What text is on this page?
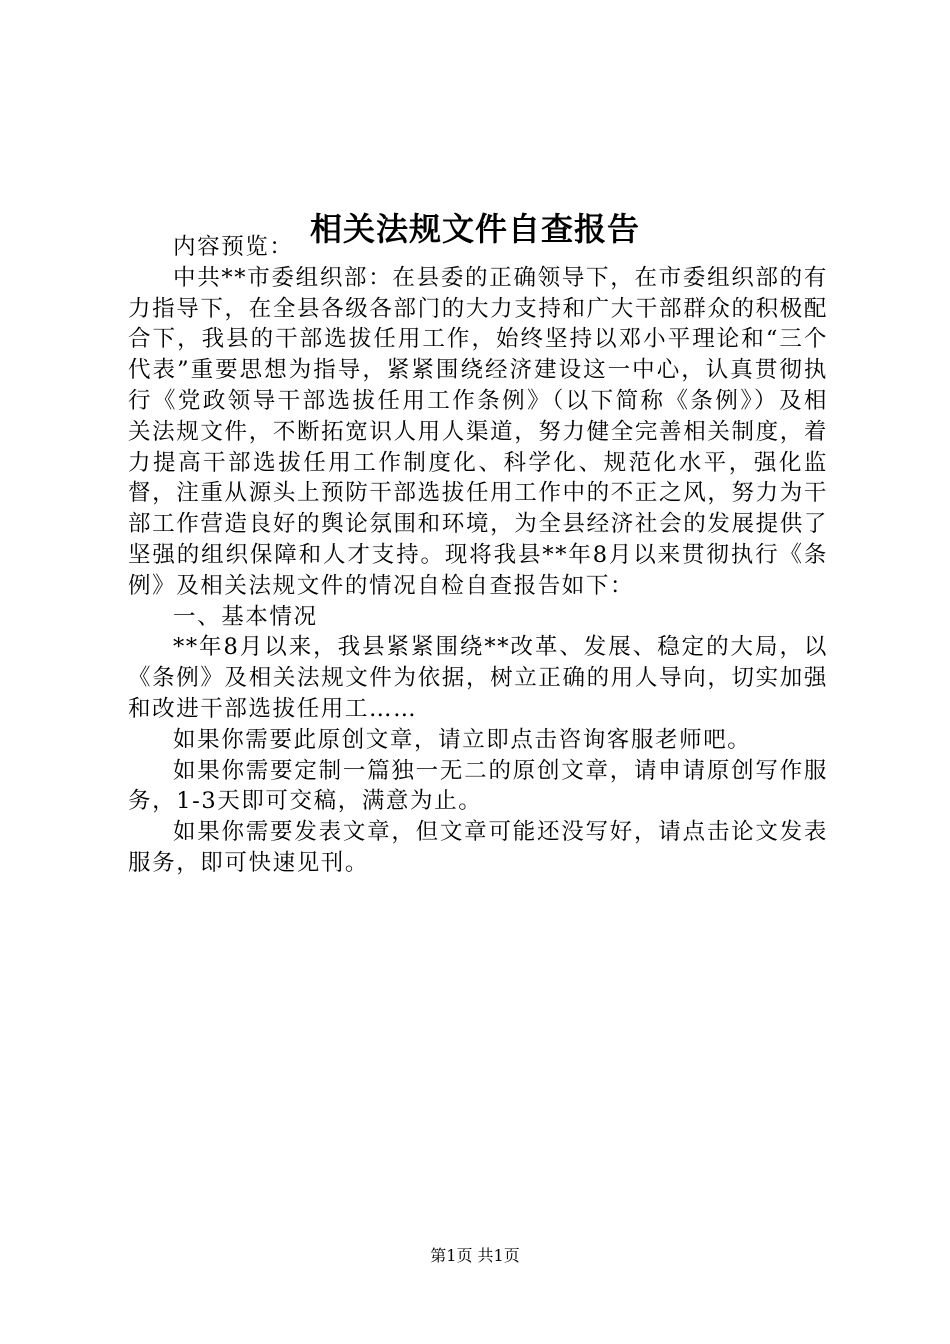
相关法规文件自查报告

内容预览：

中共**市委组织部：在县委的正确领导下，在市委组织部的有力指导下，在全县各级各部门的大力支持和广大干部群众的积极配合下，我县的干部选拔任用工作，始终坚持以邓小平理论和“三个代表”重要思想为指导，紧紧围绕经济建设这一中心，认真贯彻执行《党政领导干部选拔任用工作条例》（以下简称《条例》）及相关法规文件，不断拓宽识人用人渠道，努力健全完善相关制度，着力提高干部选拔任用工作制度化、科学化、规范化水平，强化监督，注重从源头上预防干部选拔任用工作中的不正之风，努力为干部工作营造良好的舆论氛围和环境，为全县经济社会的发展提供了坚强的组织保障和人才支持。现将我县**年8月以来贯彻执行《条例》及相关法规文件的情况自检自查报告如下：

一、基本情况

**年8月以来，我县紧紧围绕**改革、发展、稳定的大局，以《条例》及相关法规文件为依据，树立正确的用人导向，切实加强和改进干部选拔任用工……

如果你需要此原创文章，请立即点击咨询客服老师吧。

如果你需要定制一篇独一无二的原创文章，请申请原创写作服务，1-3天即可交稿，满意为止。

如果你需要发表文章，但文章可能还没写好，请点击论文发表服务，即可快速见刊。

第1页 共1页
